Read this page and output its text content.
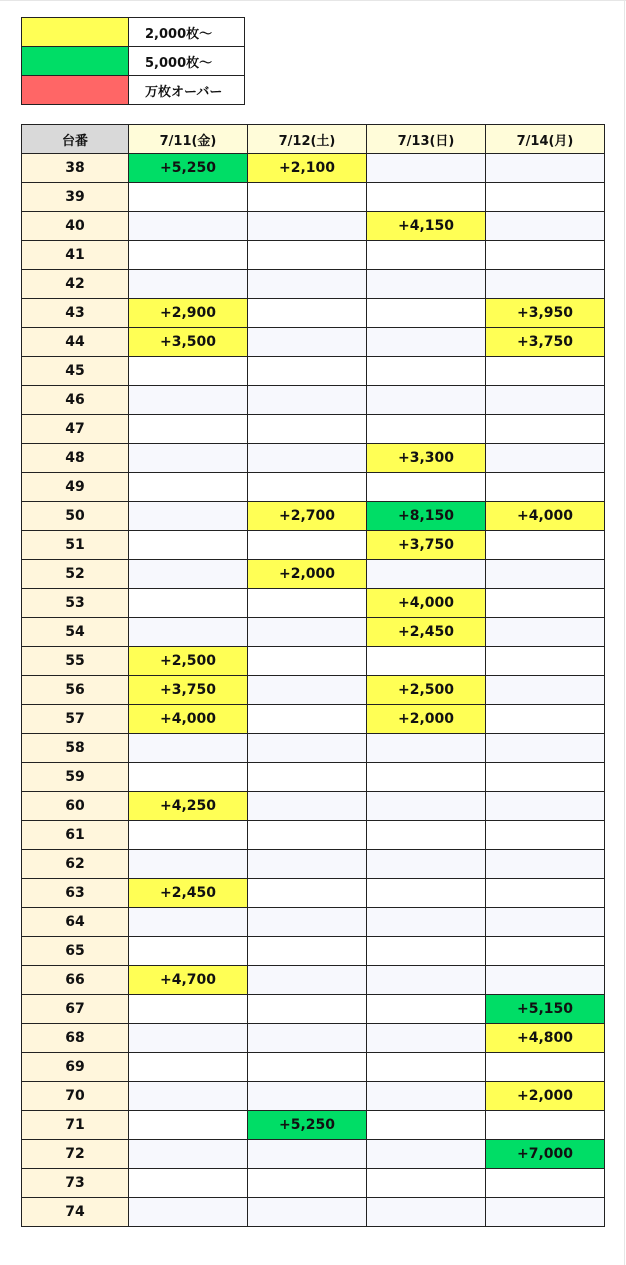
	2,000枚～
	5,000枚～
	万枚オーバー
台番	7/11(金)	7/12(土)	7/13(日)	7/14(月)
38	+5,250	+2,100		
39				
40			+4,150	
41				
42				
43	+2,900			+3,950
44	+3,500			+3,750
45				
46				
47				
48			+3,300	
49				
50		+2,700	+8,150	+4,000
51			+3,750	
52		+2,000		
53			+4,000	
54			+2,450	
55	+2,500			
56	+3,750		+2,500	
57	+4,000		+2,000	
58				
59				
60	+4,250			
61				
62				
63	+2,450			
64				
65				
66	+4,700			
67				+5,150
68				+4,800
69				
70				+2,000
71		+5,250		
72				+7,000
73				
74				
